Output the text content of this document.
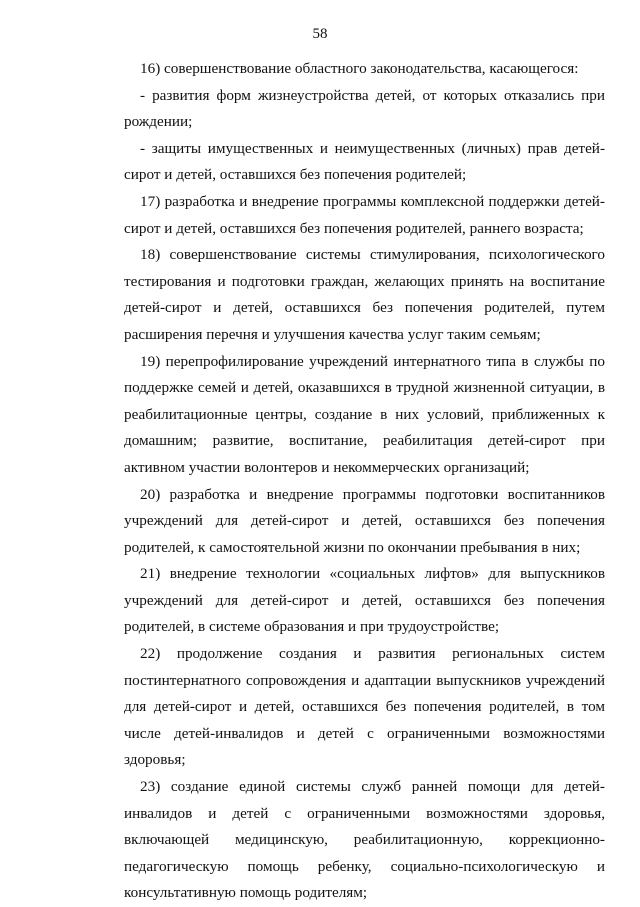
58

16) совершенствование областного законодательства, касающегося:

- развития форм жизнеустройства детей, от которых отказались при рождении;

- защиты имущественных и неимущественных (личных) прав детей-сирот и детей, оставшихся без попечения родителей;

17) разработка и внедрение программы комплексной поддержки детей-сирот и детей, оставшихся без попечения родителей, раннего возраста;

18) совершенствование системы стимулирования, психологического тестирования и подготовки граждан, желающих принять на воспитание детей-сирот и детей, оставшихся без попечения родителей, путем расширения перечня и улучшения качества услуг таким семьям;

19) перепрофилирование учреждений интернатного типа в службы по поддержке семей и детей, оказавшихся в трудной жизненной ситуации, в реабилитационные центры, создание в них условий, приближенных к домашним; развитие, воспитание, реабилитация детей-сирот при активном участии волонтеров и некоммерческих организаций;

20) разработка и внедрение программы подготовки воспитанников учреждений для детей-сирот и детей, оставшихся без попечения родителей, к самостоятельной жизни по окончании пребывания в них;

21) внедрение технологии «социальных лифтов» для выпускников учреждений для детей-сирот и детей, оставшихся без попечения родителей, в системе образования и при трудоустройстве;

22) продолжение создания и развития региональных систем постинтернатного сопровождения и адаптации выпускников учреждений для детей-сирот и детей, оставшихся без попечения родителей, в том числе детей-инвалидов и детей с ограниченными возможностями здоровья;

23) создание единой системы служб ранней помощи для детей-инвалидов и детей с ограниченными возможностями здоровья, включающей медицинскую, реабилитационную, коррекционно-педагогическую помощь ребенку, социально-психологическую и консультативную помощь родителям;
